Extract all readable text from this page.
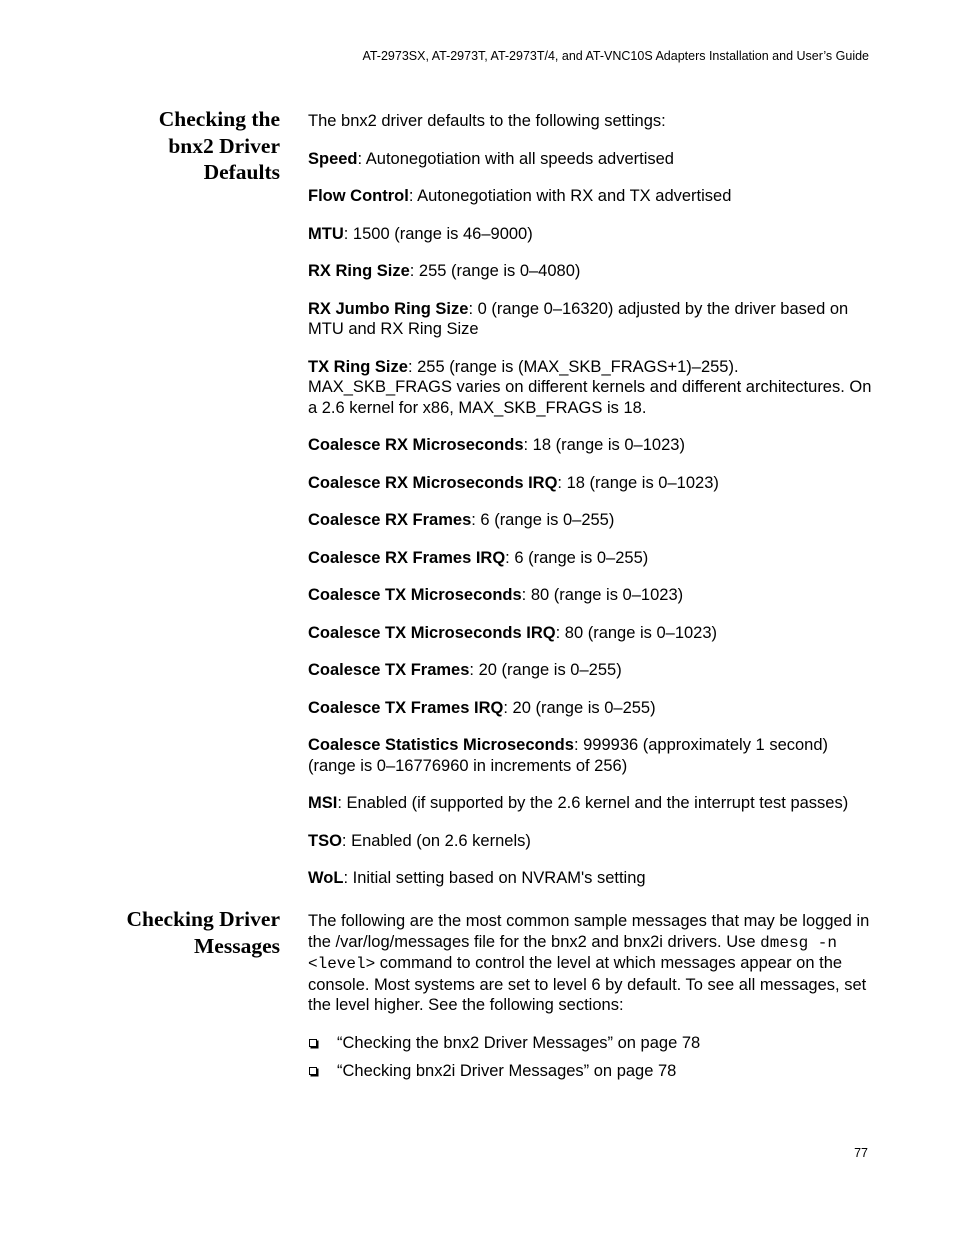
AT-2973SX, AT-2973T, AT-2973T/4, and AT-VNC10S Adapters Installation and User’s Guide
Checking the
bnx2 Driver
Defaults

The bnx2 driver defaults to the following settings:

Speed: Autonegotiation with all speeds advertised

Flow Control: Autonegotiation with RX and TX advertised

MTU: 1500 (range is 46–9000)

RX Ring Size: 255 (range is 0–4080)

RX Jumbo Ring Size: 0 (range 0–16320) adjusted by the driver based on MTU and RX Ring Size

TX Ring Size: 255 (range is (MAX_SKB_FRAGS+1)–255). MAX_SKB_FRAGS varies on different kernels and different architectures. On a 2.6 kernel for x86, MAX_SKB_FRAGS is 18.

Coalesce RX Microseconds: 18 (range is 0–1023)

Coalesce RX Microseconds IRQ: 18 (range is 0–1023)

Coalesce RX Frames: 6 (range is 0–255)

Coalesce RX Frames IRQ: 6 (range is 0–255)

Coalesce TX Microseconds: 80 (range is 0–1023)

Coalesce TX Microseconds IRQ: 80 (range is 0–1023)

Coalesce TX Frames: 20 (range is 0–255)

Coalesce TX Frames IRQ: 20 (range is 0–255)

Coalesce Statistics Microseconds: 999936 (approximately 1 second) (range is 0–16776960 in increments of 256)

MSI: Enabled (if supported by the 2.6 kernel and the interrupt test passes)

TSO: Enabled (on 2.6 kernels)

WoL: Initial setting based on NVRAM's setting

Checking Driver
Messages

The following are the most common sample messages that may be logged in the /var/log/messages file for the bnx2 and bnx2i drivers. Use dmesg -n <level> command to control the level at which messages appear on the console. Most systems are set to level 6 by default. To see all messages, set the level higher. See the following sections:

“Checking the bnx2 Driver Messages” on page 78
“Checking bnx2i Driver Messages” on page 78
77
